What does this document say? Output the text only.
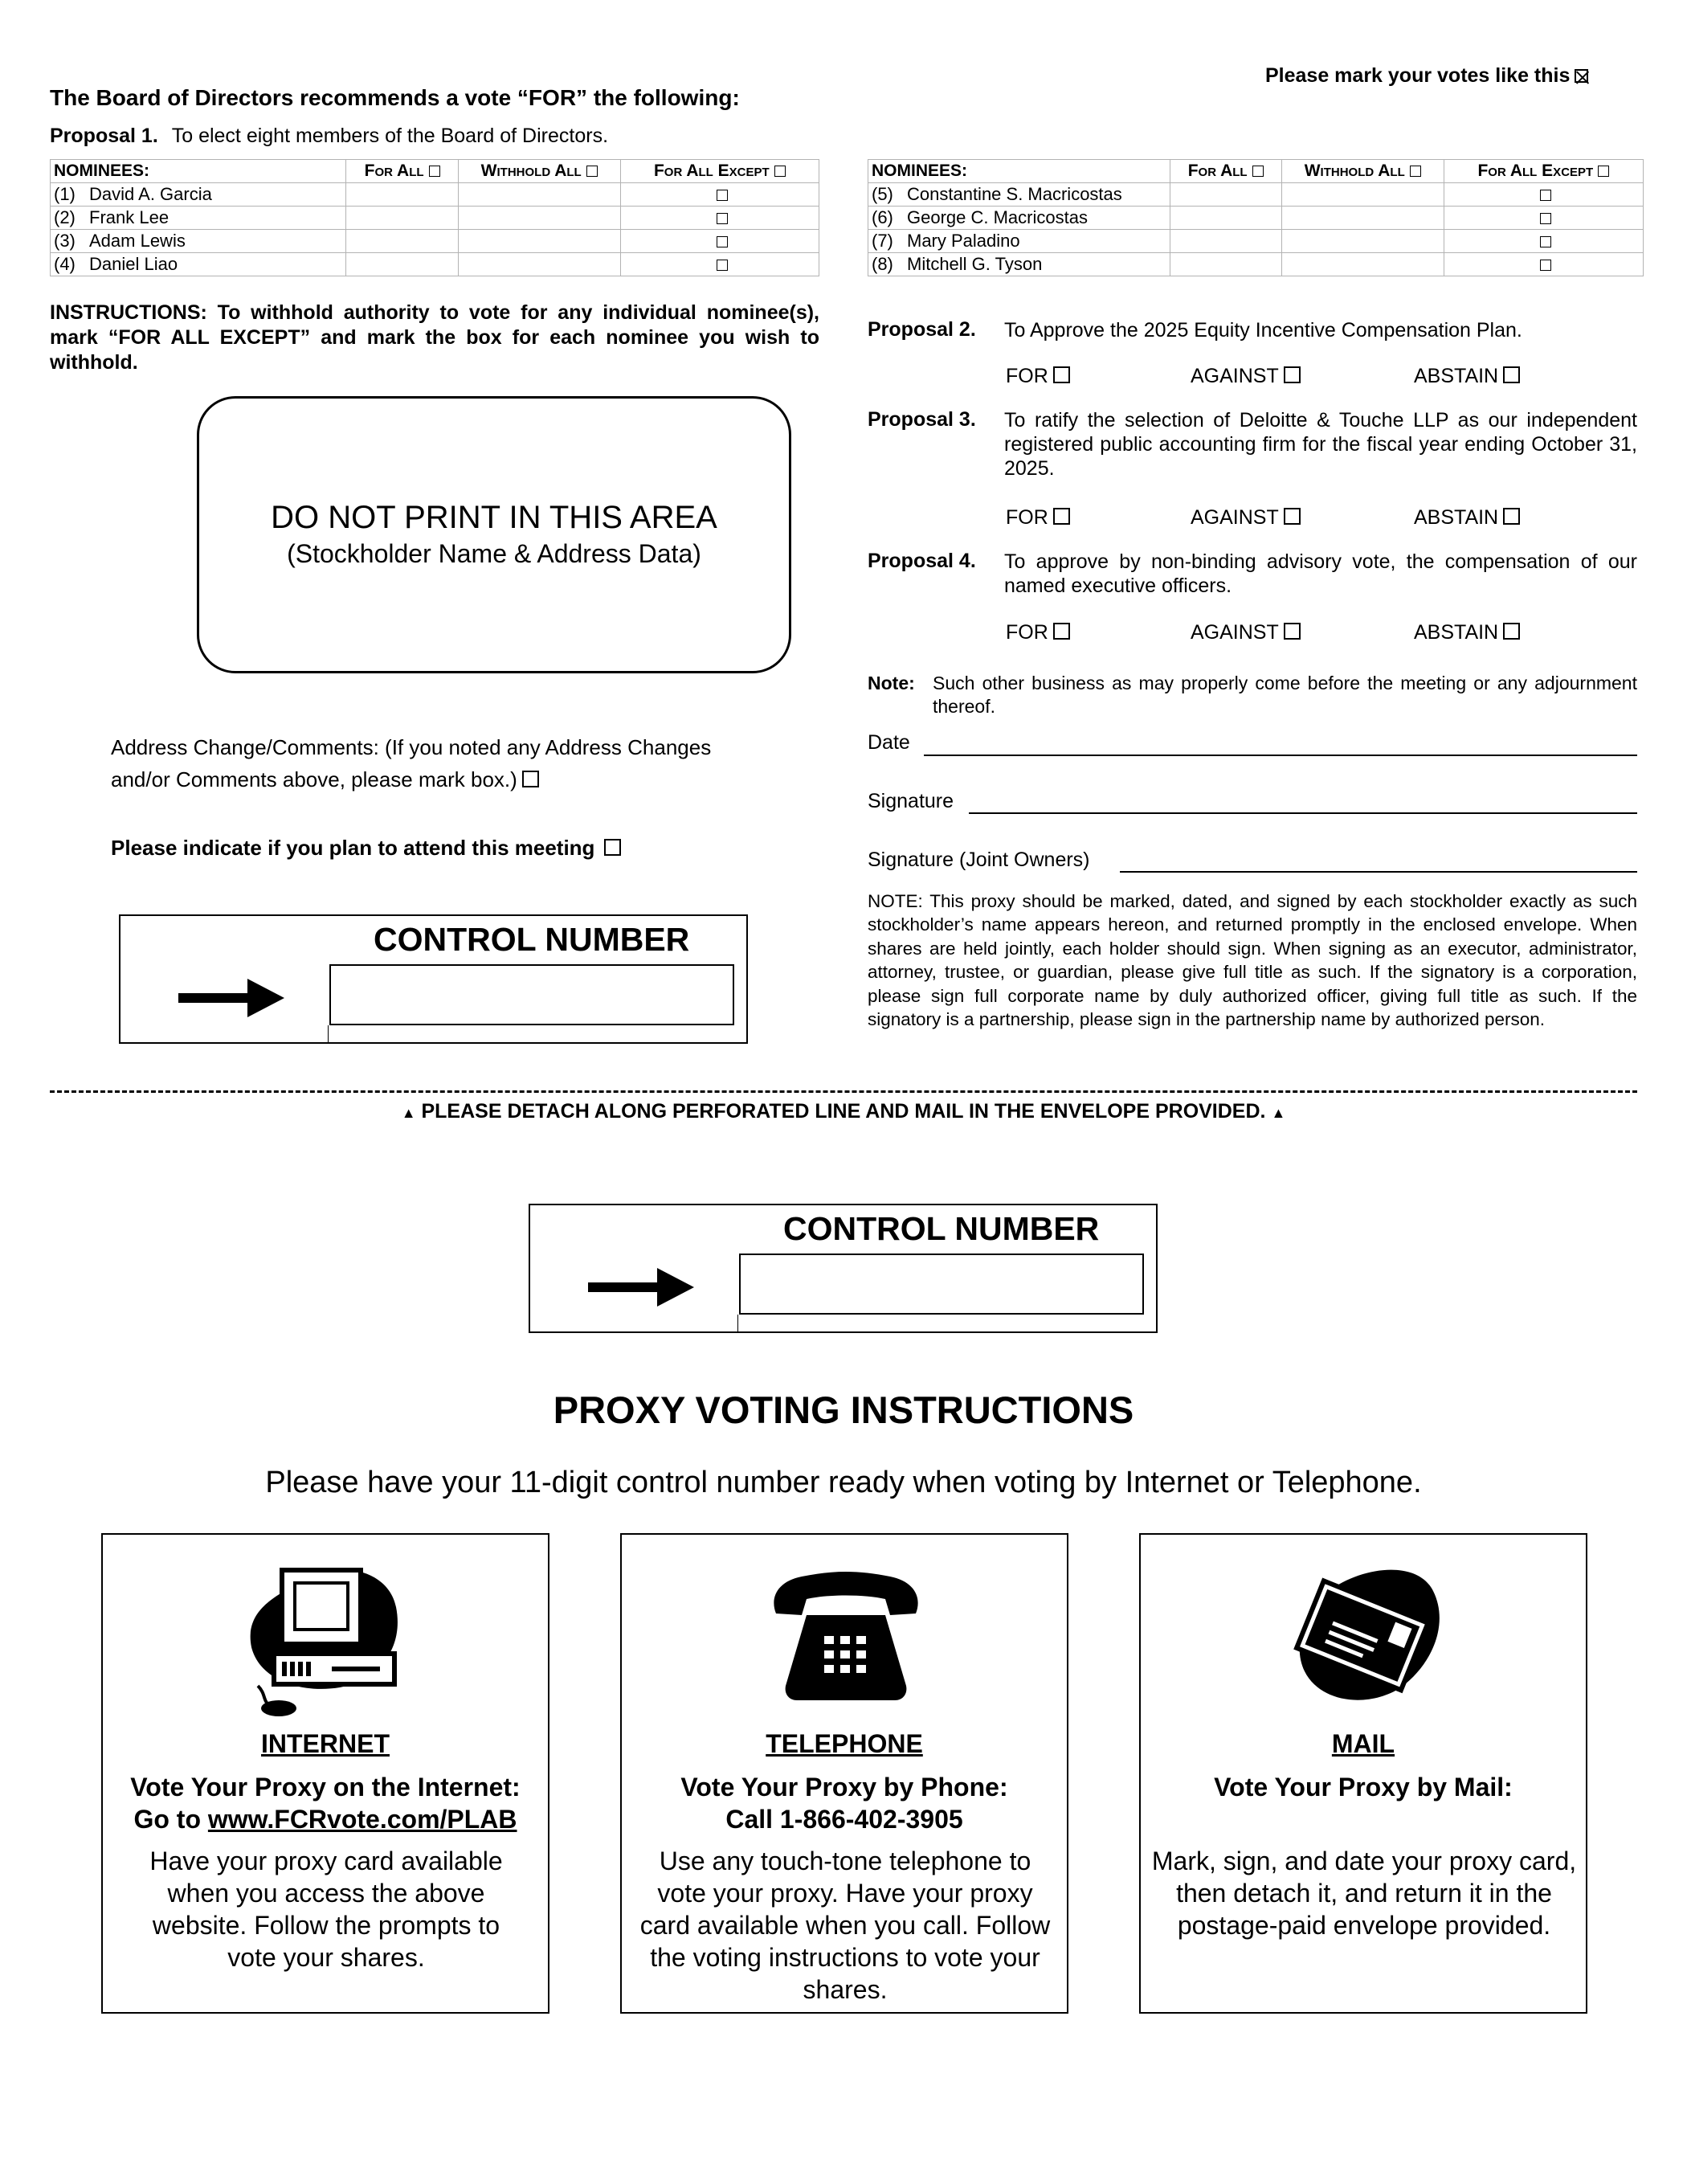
Please mark your votes like this
The Board of Directors recommends a vote “FOR” the following:
Proposal 1. To elect eight members of the Board of Directors.
NOMINEES:	For All	Withhold All	For All Except
(1) David A. Garcia			
(2) Frank Lee			
(3) Adam Lewis			
(4) Daniel Liao			
NOMINEES:	For All	Withhold All	For All Except
(5) Constantine S. Macricostas			
(6) George C. Macricostas			
(7) Mary Paladino			
(8) Mitchell G. Tyson			
INSTRUCTIONS: To withhold authority to vote for any individual nominee(s), mark “FOR ALL EXCEPT” and mark the box for each nominee you wish to withhold.
DO NOT PRINT IN THIS AREA
(Stockholder Name & Address Data)
Address Change/Comments: (If you noted any Address Changes and/or Comments above, please mark box.)
Please indicate if you plan to attend this meeting
CONTROL NUMBER
Proposal 2. To Approve the 2025 Equity Incentive Compensation Plan.
FOR	AGAINST	ABSTAIN
Proposal 3. To ratify the selection of Deloitte & Touche LLP as our independent registered public accounting firm for the fiscal year ending October 31, 2025.
FOR	AGAINST	ABSTAIN
Proposal 4. To approve by non-binding advisory vote, the compensation of our named executive officers.
FOR	AGAINST	ABSTAIN
Note: Such other business as may properly come before the meeting or any adjournment thereof.
Date
Signature
Signature (Joint Owners)
NOTE: This proxy should be marked, dated, and signed by each stockholder exactly as such stockholder’s name appears hereon, and returned promptly in the enclosed envelope. When shares are held jointly, each holder should sign. When signing as an executor, administrator, attorney, trustee, or guardian, please give full title as such. If the signatory is a corporation, please sign full corporate name by duly authorized officer, giving full title as such. If the signatory is a partnership, please sign in the partnership name by authorized person.
▲ PLEASE DETACH ALONG PERFORATED LINE AND MAIL IN THE ENVELOPE PROVIDED. ▲
CONTROL NUMBER
PROXY VOTING INSTRUCTIONS
Please have your 11-digit control number ready when voting by Internet or Telephone.
INTERNET
Vote Your Proxy on the Internet:
Go to www.FCRvote.com/PLAB
Have your proxy card available when you access the above website. Follow the prompts to vote your shares.
TELEPHONE
Vote Your Proxy by Phone:
Call 1-866-402-3905
Use any touch-tone telephone to vote your proxy. Have your proxy card available when you call. Follow the voting instructions to vote your shares.
MAIL
Vote Your Proxy by Mail:
Mark, sign, and date your proxy card, then detach it, and return it in the postage-paid envelope provided.
